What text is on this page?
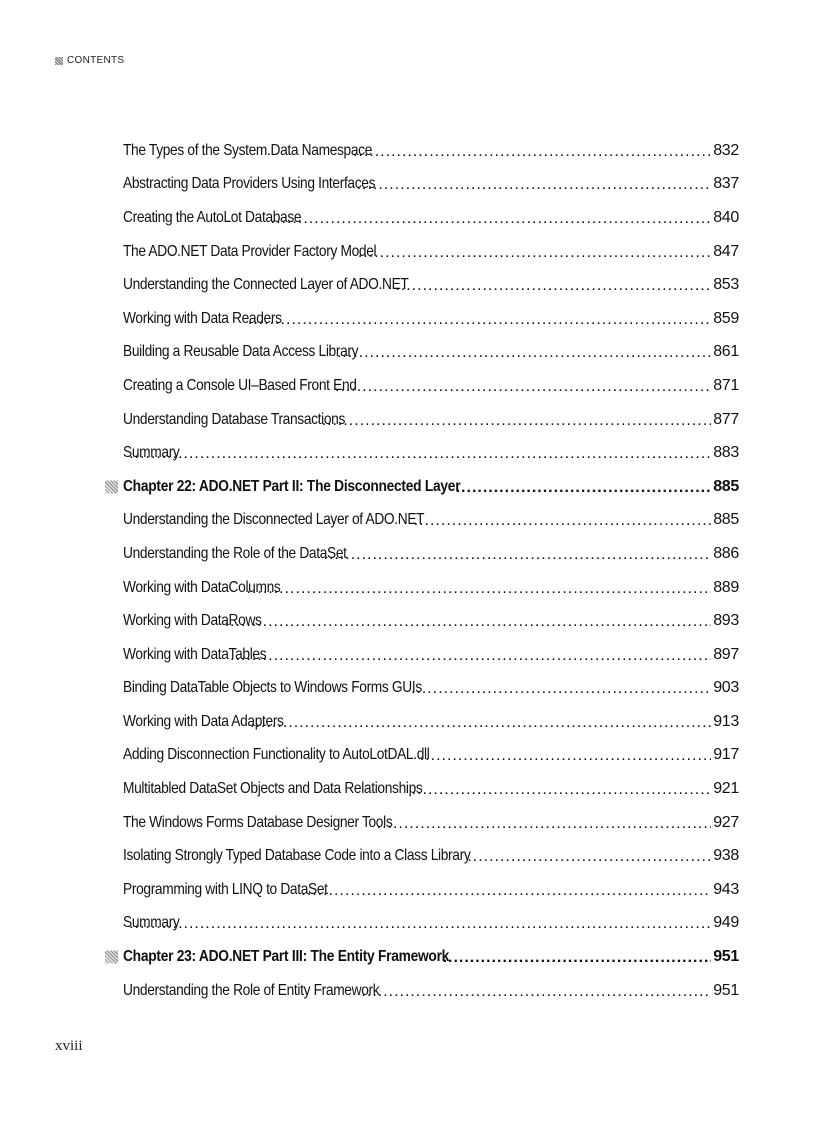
CONTENTS
The Types of the System.Data Namespace .....	832
Abstracting Data Providers Using Interfaces .....	837
Creating the AutoLot Database .....	840
The ADO.NET Data Provider Factory Model .....	847
Understanding the Connected Layer of ADO.NET .....	853
Working with Data Readers .....	859
Building a Reusable Data Access Library .....	861
Creating a Console UI–Based Front End .....	871
Understanding Database Transactions .....	877
Summary .....	883
Chapter 22: ADO.NET Part II: The Disconnected Layer .....	885
Understanding the Disconnected Layer of ADO.NET .....	885
Understanding the Role of the DataSet .....	886
Working with DataColumns .....	889
Working with DataRows .....	893
Working with DataTables .....	897
Binding DataTable Objects to Windows Forms GUIs .....	903
Working with Data Adapters .....	913
Adding Disconnection Functionality to AutoLotDAL.dll .....	917
Multitabled DataSet Objects and Data Relationships .....	921
The Windows Forms Database Designer Tools .....	927
Isolating Strongly Typed Database Code into a Class Library .....	938
Programming with LINQ to DataSet .....	943
Summary .....	949
Chapter 23: ADO.NET Part III: The Entity Framework .....	951
Understanding the Role of Entity Framework .....	951
xviii
